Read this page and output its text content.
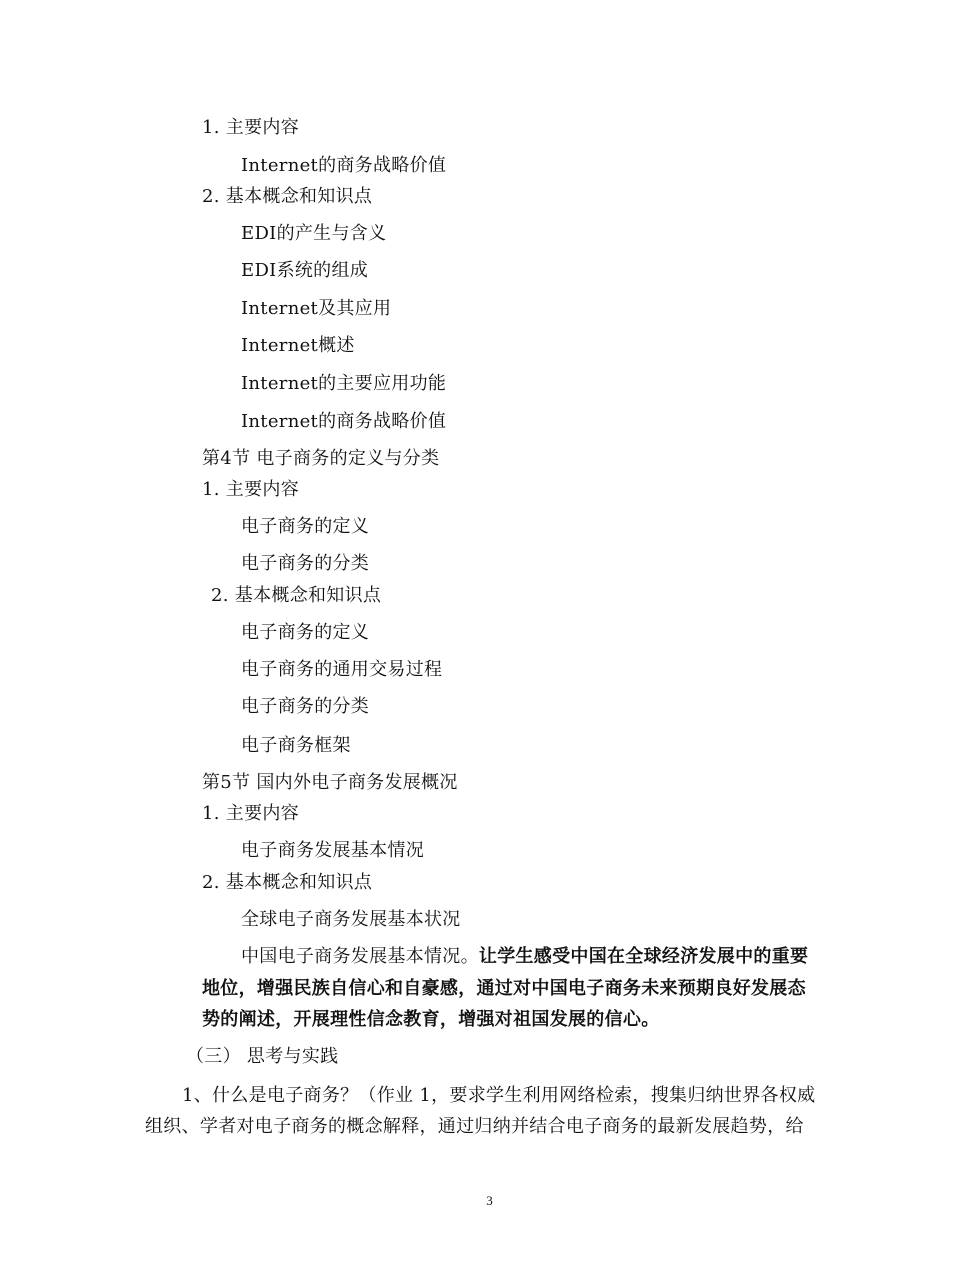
1. 主要内容
Internet的商务战略价值
2. 基本概念和知识点
EDI的产生与含义
EDI系统的组成
Internet及其应用
Internet概述
Internet的主要应用功能
Internet的商务战略价值
第4节 电子商务的定义与分类
1. 主要内容
电子商务的定义
电子商务的分类
2. 基本概念和知识点
电子商务的定义
电子商务的通用交易过程
电子商务的分类
电子商务框架
第5节 国内外电子商务发展概况
1. 主要内容
电子商务发展基本情况
2. 基本概念和知识点
全球电子商务发展基本状况
中国电子商务发展基本情况。让学生感受中国在全球经济发展中的重要
地位，增强民族自信心和自豪感，通过对中国电子商务未来预期良好发展态
势的阐述，开展理性信念教育，增强对祖国发展的信心。
（三） 思考与实践
1、什么是电子商务？（作业 1，要求学生利用网络检索，搜集归纳世界各权威
组织、学者对电子商务的概念解释，通过归纳并结合电子商务的最新发展趋势，给
3
